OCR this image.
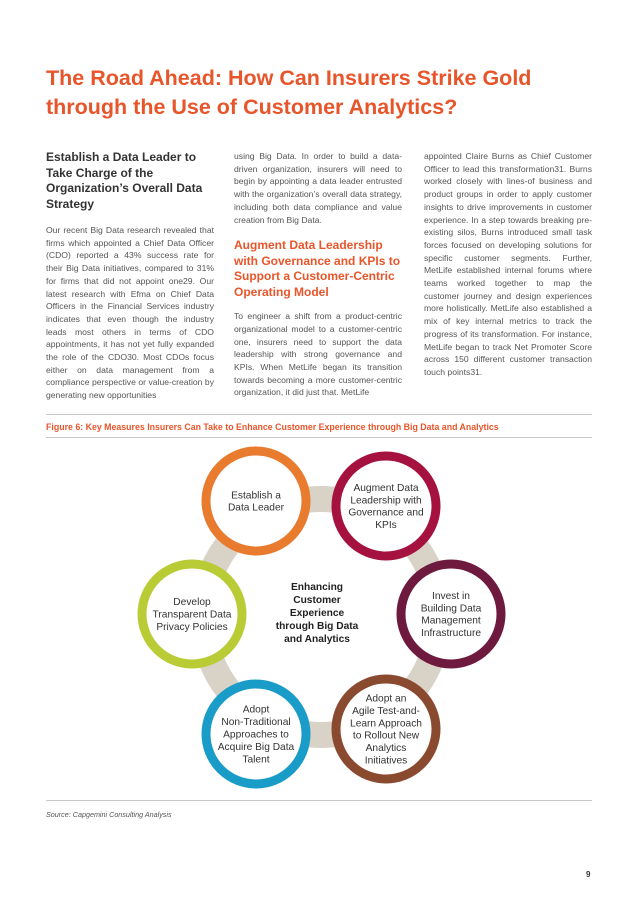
The Road Ahead: How Can Insurers Strike Gold through the Use of Customer Analytics?
Establish a Data Leader to Take Charge of the Organization’s Overall Data Strategy

Our recent Big Data research revealed that firms which appointed a Chief Data Officer (CDO) reported a 43% success rate for their Big Data initiatives, compared to 31% for firms that did not appoint one29. Our latest research with Efma on Chief Data Officers in the Financial Services industry indicates that even though the industry leads most others in terms of CDO appointments, it has not yet fully expanded the role of the CDO30. Most CDOs focus either on data management from a compliance perspective or value-creation by generating new opportunities

using Big Data. In order to build a data-driven organization, insurers will need to begin by appointing a data leader entrusted with the organization’s overall data strategy, including both data compliance and value creation from Big Data.

Augment Data Leadership with Governance and KPIs to Support a Customer-Centric Operating Model

To engineer a shift from a product-centric organizational model to a customer-centric one, insurers need to support the data leadership with strong governance and KPIs. When MetLife began its transition towards becoming a more customer-centric organization, it did just that. MetLife

appointed Claire Burns as Chief Customer Officer to lead this transformation31. Burns worked closely with lines-of business and product groups in order to apply customer insights to drive improvements in customer experience. In a step towards breaking pre-existing silos, Burns introduced small task forces focused on developing solutions for specific customer segments. Further, MetLife established internal forums where teams worked together to map the customer journey and design experiences more holistically. MetLife also established a mix of key internal metrics to track the progress of its transformation. For instance, MetLife began to track Net Promoter Score across 150 different customer transaction touch points31.

Figure 6: Key Measures Insurers Can Take to Enhance Customer Experience through Big Data and Analytics
Establish a Data Leader
Augment Data Leadership with Governance and KPIs
Invest in Building Data Management Infrastructure
Adopt an Agile Test-and-Learn Approach to Rollout New Analytics Initiatives
Adopt Non-Traditional Approaches to Acquire Big Data Talent
Develop Transparent Data Privacy Policies
Enhancing Customer Experience through Big Data and Analytics
Source: Capgemini Consulting Analysis
9
